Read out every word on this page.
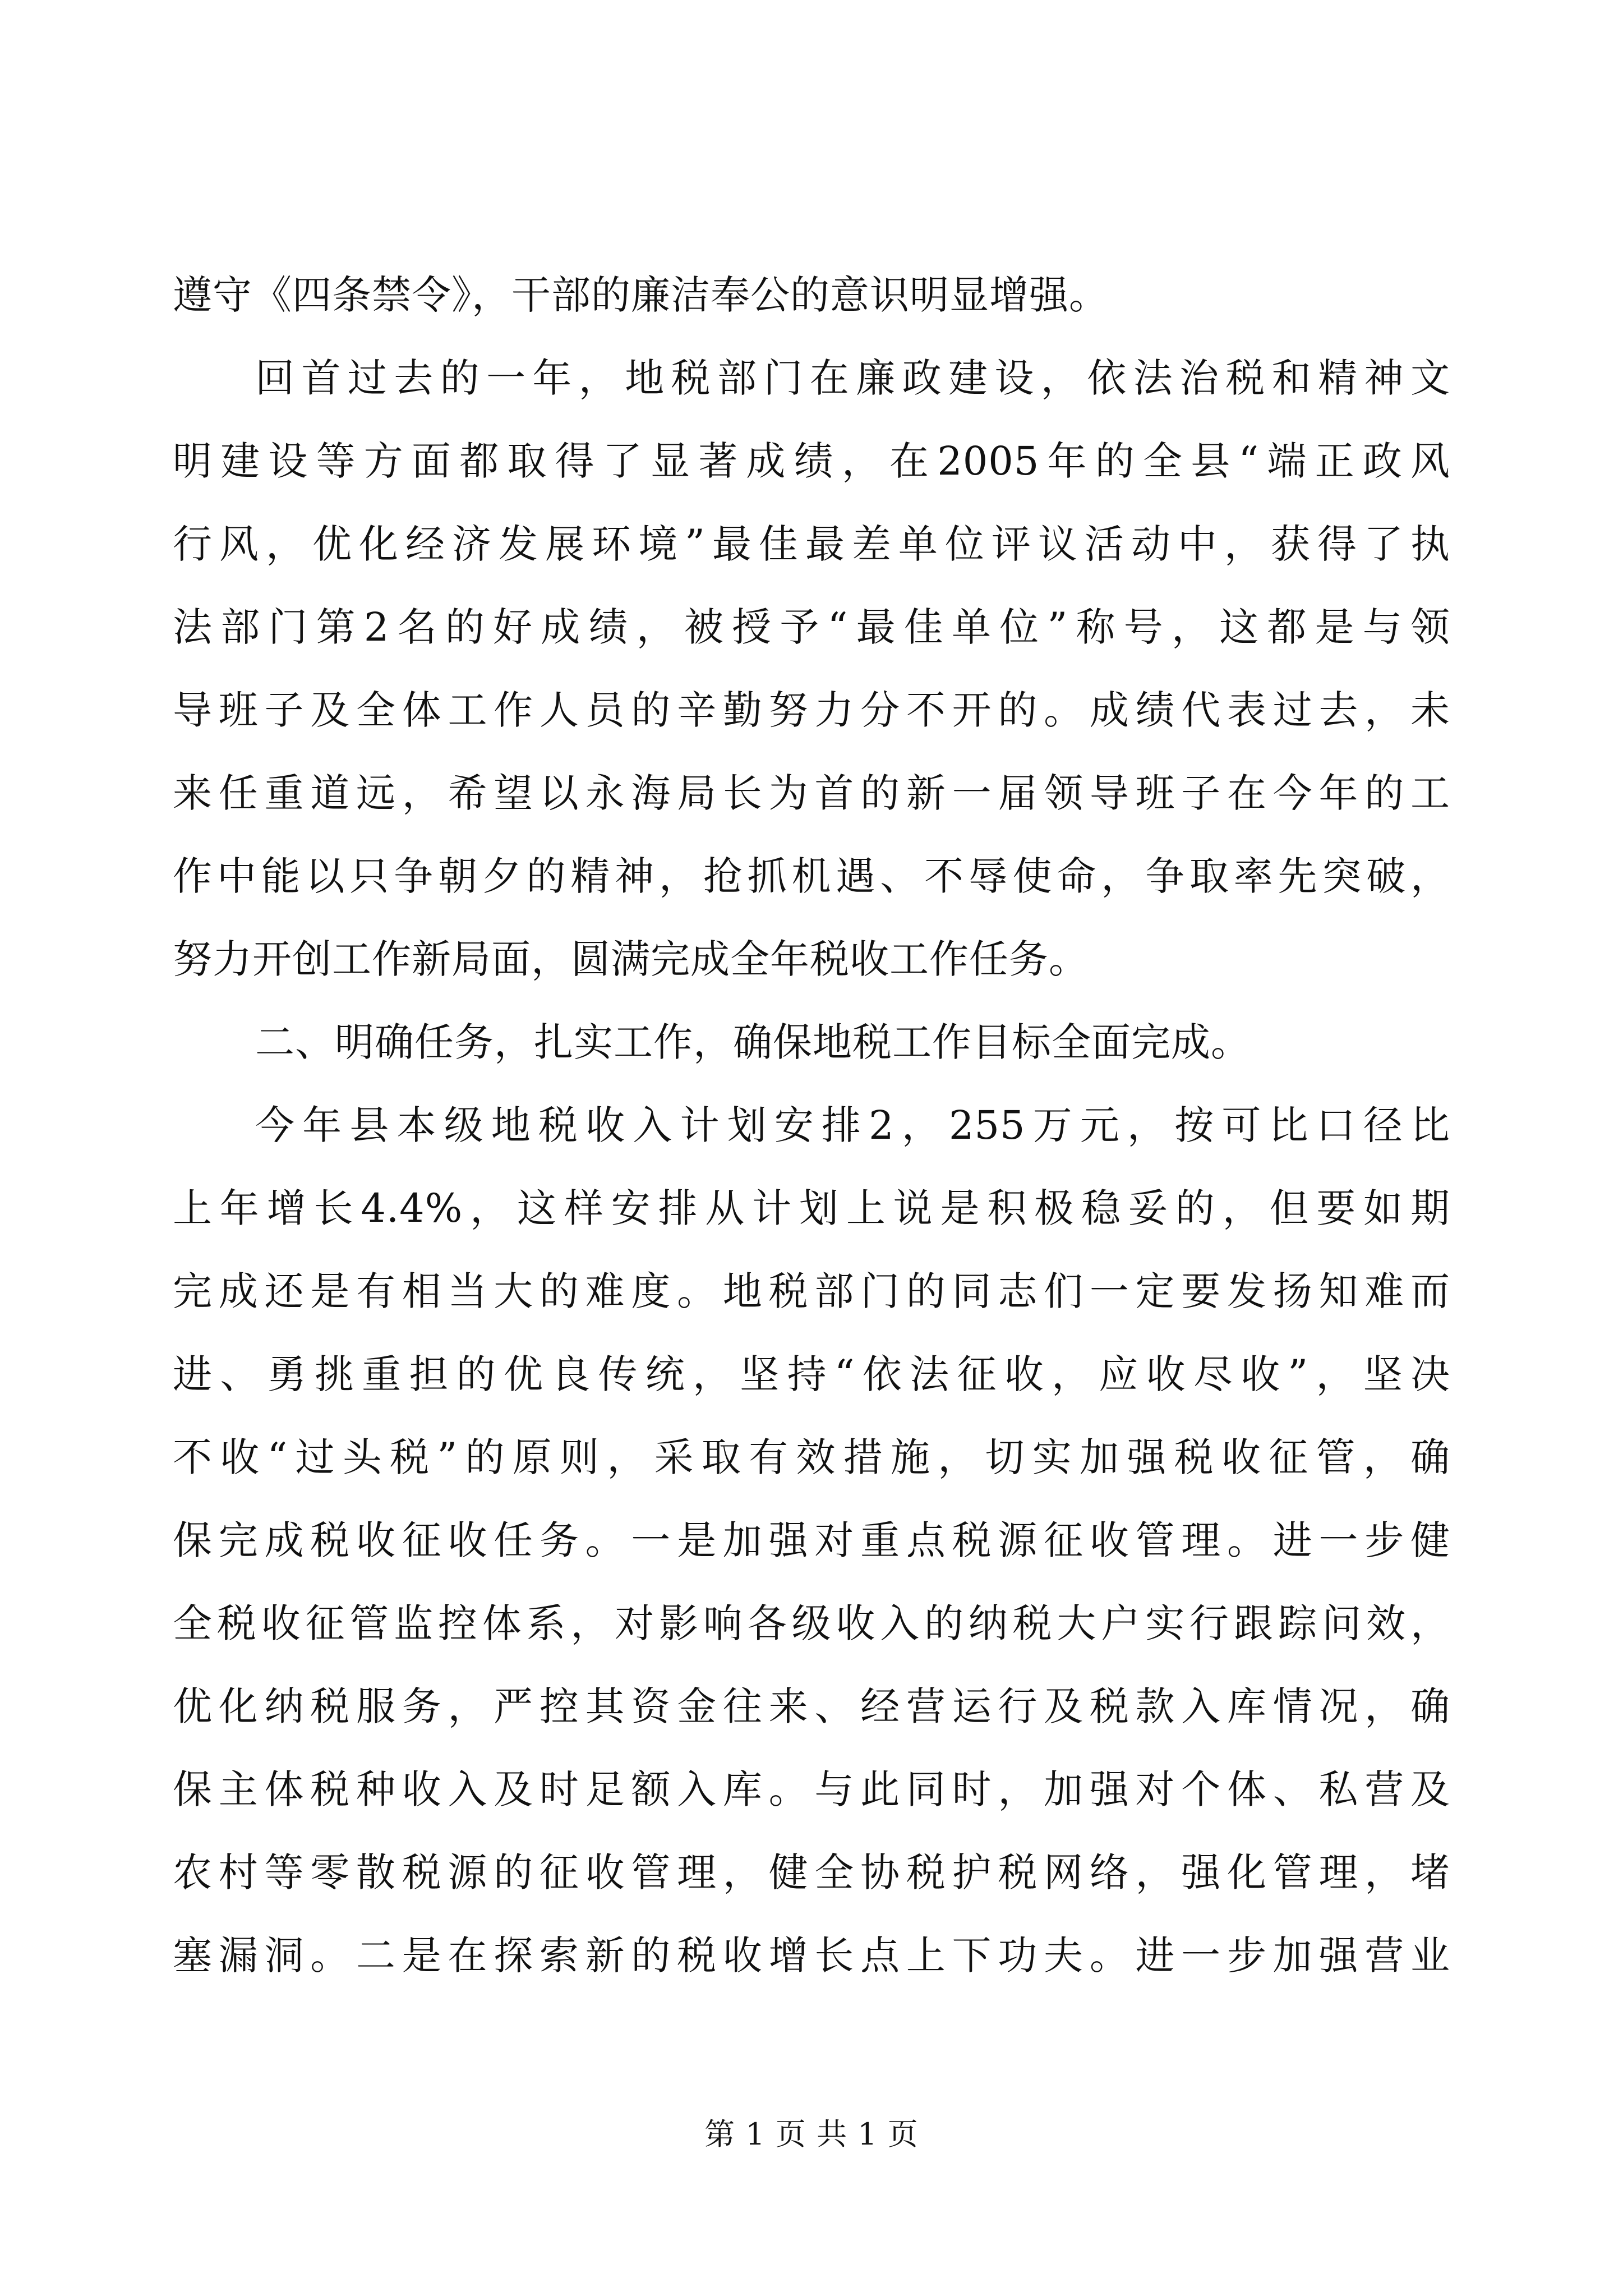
遵守《四条禁令》，干部的廉洁奉公的意识明显增强。
回首过去的一年，地税部门在廉政建设，依法治税和精神文
明建设等方面都取得了显著成绩，在2005年的全县“端正政风
行风，优化经济发展环境”最佳最差单位评议活动中，获得了执
法部门第2名的好成绩，被授予“最佳单位”称号，这都是与领
导班子及全体工作人员的辛勤努力分不开的。成绩代表过去，未
来任重道远，希望以永海局长为首的新一届领导班子在今年的工
作中能以只争朝夕的精神，抢抓机遇、不辱使命，争取率先突破，
努力开创工作新局面，圆满完成全年税收工作任务。
二、明确任务，扎实工作，确保地税工作目标全面完成。
今年县本级地税收入计划安排2，255万元，按可比口径比
上年增长4.4%，这样安排从计划上说是积极稳妥的，但要如期
完成还是有相当大的难度。地税部门的同志们一定要发扬知难而
进、勇挑重担的优良传统，坚持“依法征收，应收尽收”，坚决
不收“过头税”的原则，采取有效措施，切实加强税收征管，确
保完成税收征收任务。一是加强对重点税源征收管理。进一步健
全税收征管监控体系，对影响各级收入的纳税大户实行跟踪问效，
优化纳税服务，严控其资金往来、经营运行及税款入库情况，确
保主体税种收入及时足额入库。与此同时，加强对个体、私营及
农村等零散税源的征收管理，健全协税护税网络，强化管理，堵
塞漏洞。二是在探索新的税收增长点上下功夫。进一步加强营业
第 1 页 共 1 页
